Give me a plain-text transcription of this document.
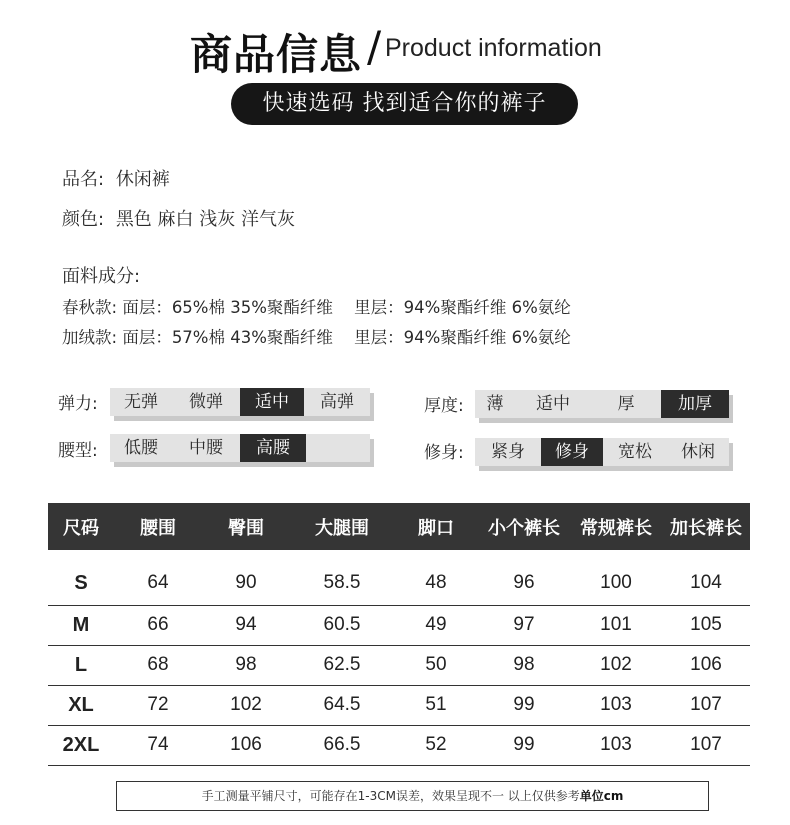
商品信息 / Product information
快速选码 找到适合你的裤子
品名: 休闲裤
颜色: 黑色 麻白 浅灰 洋气灰
面料成分:
春秋款: 面层：65%棉 35%聚酯纤维 里层：94%聚酯纤维 6%氨纶
加绒款: 面层：57%棉 43%聚酯纤维 里层：94%聚酯纤维 6%氨纶
弹力:	无弹	微弹	适中	高弹	厚度:	薄	适中	厚	加厚
腰型:	低腰	中腰	高腰	修身:	紧身	修身	宽松	休闲
尺码	腰围	臀围	大腿围	脚口	小个裤长	常规裤长	加长裤长
S	64	90	58.5	48	96	100	104
M	66	94	60.5	49	97	101	105
L	68	98	62.5	50	98	102	106
XL	72	102	64.5	51	99	103	107
2XL	74	106	66.5	52	99	103	107
手工测量平铺尺寸，可能存在1-3CM误差，效果呈现不一 以上仅供参考单位cm
